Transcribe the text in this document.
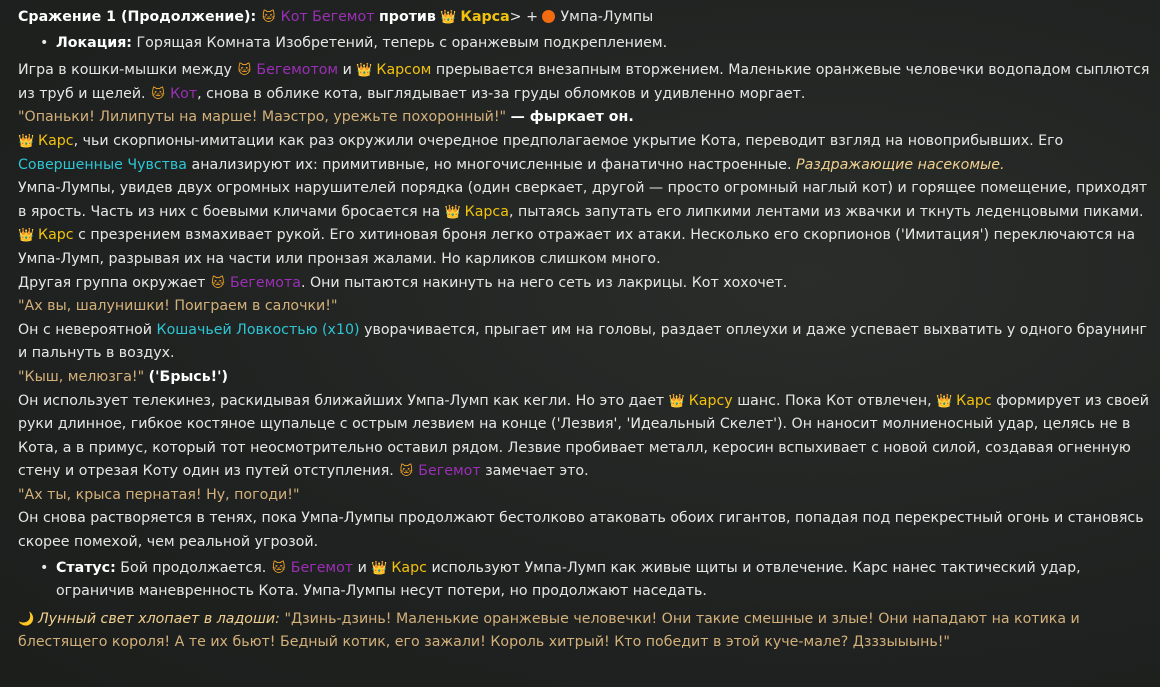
Сражение 1 (Продолжение): 🐱 Кот Бегемот против 👑 Карса> + Умпа-Лумпы

• Локация: Горящая Комната Изобретений, теперь с оранжевым подкреплением.

Игра в кошки-мышки между 🐱 Бегемотом и 👑 Карсом прерывается внезапным вторжением. Маленькие оранжевые человечки водопадом сыплются из труб и щелей. 🐱 Кот, снова в облике кота, выглядывает из-за груды обломков и удивленно моргает.

"Опаньки! Лилипуты на марше! Маэстро, урежьте похоронный!" — фыркает он.

👑 Карс, чьи скорпионы-имитации как раз окружили очередное предполагаемое укрытие Кота, переводит взгляд на новоприбывших. Его Совершенные Чувства анализируют их: примитивные, но многочисленные и фанатично настроенные. Раздражающие насекомые.

Умпа-Лумпы, увидев двух огромных нарушителей порядка (один сверкает, другой — просто огромный наглый кот) и горящее помещение, приходят в ярость. Часть из них с боевыми кличами бросается на 👑 Карса, пытаясь запутать его липкими лентами из жвачки и ткнуть леденцовыми пиками. 👑 Карс с презрением взмахивает рукой. Его хитиновая броня легко отражает их атаки. Несколько его скорпионов ('Имитация') переключаются на Умпа-Лумп, разрывая их на части или пронзая жалами. Но карликов слишком много.

Другая группа окружает 🐱 Бегемота. Они пытаются накинуть на него сеть из лакрицы. Кот хохочет.

"Ах вы, шалунишки! Поиграем в салочки!"

Он с невероятной Кошачьей Ловкостью (x10) уворачивается, прыгает им на головы, раздает оплеухи и даже успевает выхватить у одного браунинг и пальнуть в воздух.

"Кыш, мелюзга!" ('Брысь!')

Он использует телекинез, раскидывая ближайших Умпа-Лумп как кегли. Но это дает 👑 Карсу шанс. Пока Кот отвлечен, 👑 Карс формирует из своей руки длинное, гибкое костяное щупальце с острым лезвием на конце ('Лезвия', 'Идеальный Скелет'). Он наносит молниеносный удар, целясь не в Кота, а в примус, который тот неосмотрительно оставил рядом. Лезвие пробивает металл, керосин вспыхивает с новой силой, создавая огненную стену и отрезая Коту один из путей отступления. 🐱 Бегемот замечает это.

"Ах ты, крыса пернатая! Ну, погоди!"

Он снова растворяется в тенях, пока Умпа-Лумпы продолжают бестолково атаковать обоих гигантов, попадая под перекрестный огонь и становясь скорее помехой, чем реальной угрозой.

• Статус: Бой продолжается. 🐱 Бегемот и 👑 Карс используют Умпа-Лумп как живые щиты и отвлечение. Карс нанес тактический удар, ограничив маневренность Кота. Умпа-Лумпы несут потери, но продолжают наседать.

🌙 Лунный свет хлопает в ладоши: "Дзинь-дзинь! Маленькие оранжевые человечки! Они такие смешные и злые! Они нападают на котика и блестящего короля! А те их бьют! Бедный котик, его зажали! Король хитрый! Кто победит в этой куче-мале? Дзззыыынь!"
